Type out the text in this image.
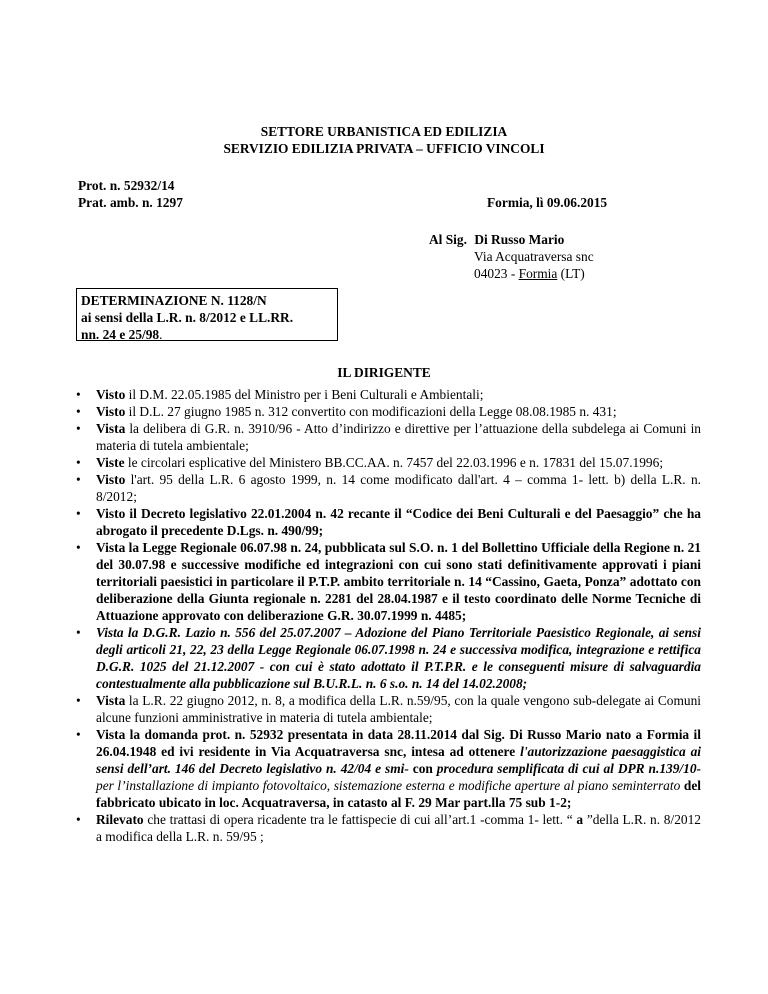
SETTORE URBANISTICA ED EDILIZIA
SERVIZIO EDILIZIA PRIVATA – UFFICIO VINCOLI
Prot. n. 52932/14
Prat. amb. n. 1297	Formia, lì 09.06.2015
Al Sig. Di Russo Mario
Via Acquatraversa snc
04023 - Formia (LT)
DETERMINAZIONE N. 1128/N
ai sensi della L.R. n. 8/2012 e LL.RR.
nn. 24 e 25/98.
IL DIRIGENTE
• Visto il D.M. 22.05.1985 del Ministro per i Beni Culturali e Ambientali;
• Visto il D.L. 27 giugno 1985 n. 312 convertito con modificazioni della Legge 08.08.1985 n. 431;
• Vista la delibera di G.R. n. 3910/96 - Atto d’indirizzo e direttive per l’attuazione della subdelega ai Comuni in materia di tutela ambientale;
• Viste le circolari esplicative del Ministero BB.CC.AA. n. 7457 del 22.03.1996 e n. 17831 del 15.07.1996;
• Visto l'art. 95 della L.R. 6 agosto 1999, n. 14 come modificato dall'art. 4 – comma 1- lett. b) della L.R. n. 8/2012;
• Visto il Decreto legislativo 22.01.2004 n. 42 recante il “Codice dei Beni Culturali e del Paesaggio” che ha abrogato il precedente D.Lgs. n. 490/99;
• Vista la Legge Regionale 06.07.98 n. 24, pubblicata sul S.O. n. 1 del Bollettino Ufficiale della Regione n. 21 del 30.07.98 e successive modifiche ed integrazioni con cui sono stati definitivamente approvati i piani territoriali paesistici in particolare il P.T.P. ambito territoriale n. 14 “Cassino, Gaeta, Ponza” adottato con deliberazione della Giunta regionale n. 2281 del 28.04.1987 e il testo coordinato delle Norme Tecniche di Attuazione approvato con deliberazione G.R. 30.07.1999 n. 4485;
• Vista la D.G.R. Lazio n. 556 del 25.07.2007 – Adozione del Piano Territoriale Paesistico Regionale, ai sensi degli articoli 21, 22, 23 della Legge Regionale 06.07.1998 n. 24 e successiva modifica, integrazione e rettifica D.G.R. 1025 del 21.12.2007 - con cui è stato adottato il P.T.P.R. e le conseguenti misure di salvaguardia contestualmente alla pubblicazione sul B.U.R.L. n. 6 s.o. n. 14 del 14.02.2008;
• Vista la L.R. 22 giugno 2012, n. 8, a modifica della L.R. n.59/95, con la quale vengono sub-delegate ai Comuni alcune funzioni amministrative in materia di tutela ambientale;
• Vista la domanda prot. n. 52932 presentata in data 28.11.2014 dal Sig. Di Russo Mario nato a Formia il 26.04.1948 ed ivi residente in Via Acquatraversa snc, intesa ad ottenere l'autorizzazione paesaggistica ai sensi dell’art. 146 del Decreto legislativo n. 42/04 e smi- con procedura semplificata di cui al DPR n.139/10- per l’installazione di impianto fotovoltaico, sistemazione esterna e modifiche aperture al piano seminterrato del fabbricato ubicato in loc. Acquatraversa, in catasto al F. 29 Mar part.lla 75 sub 1-2;
• Rilevato che trattasi di opera ricadente tra le fattispecie di cui all’art.1 -comma 1- lett. “ a ”della L.R. n. 8/2012 a modifica della L.R. n. 59/95 ;
